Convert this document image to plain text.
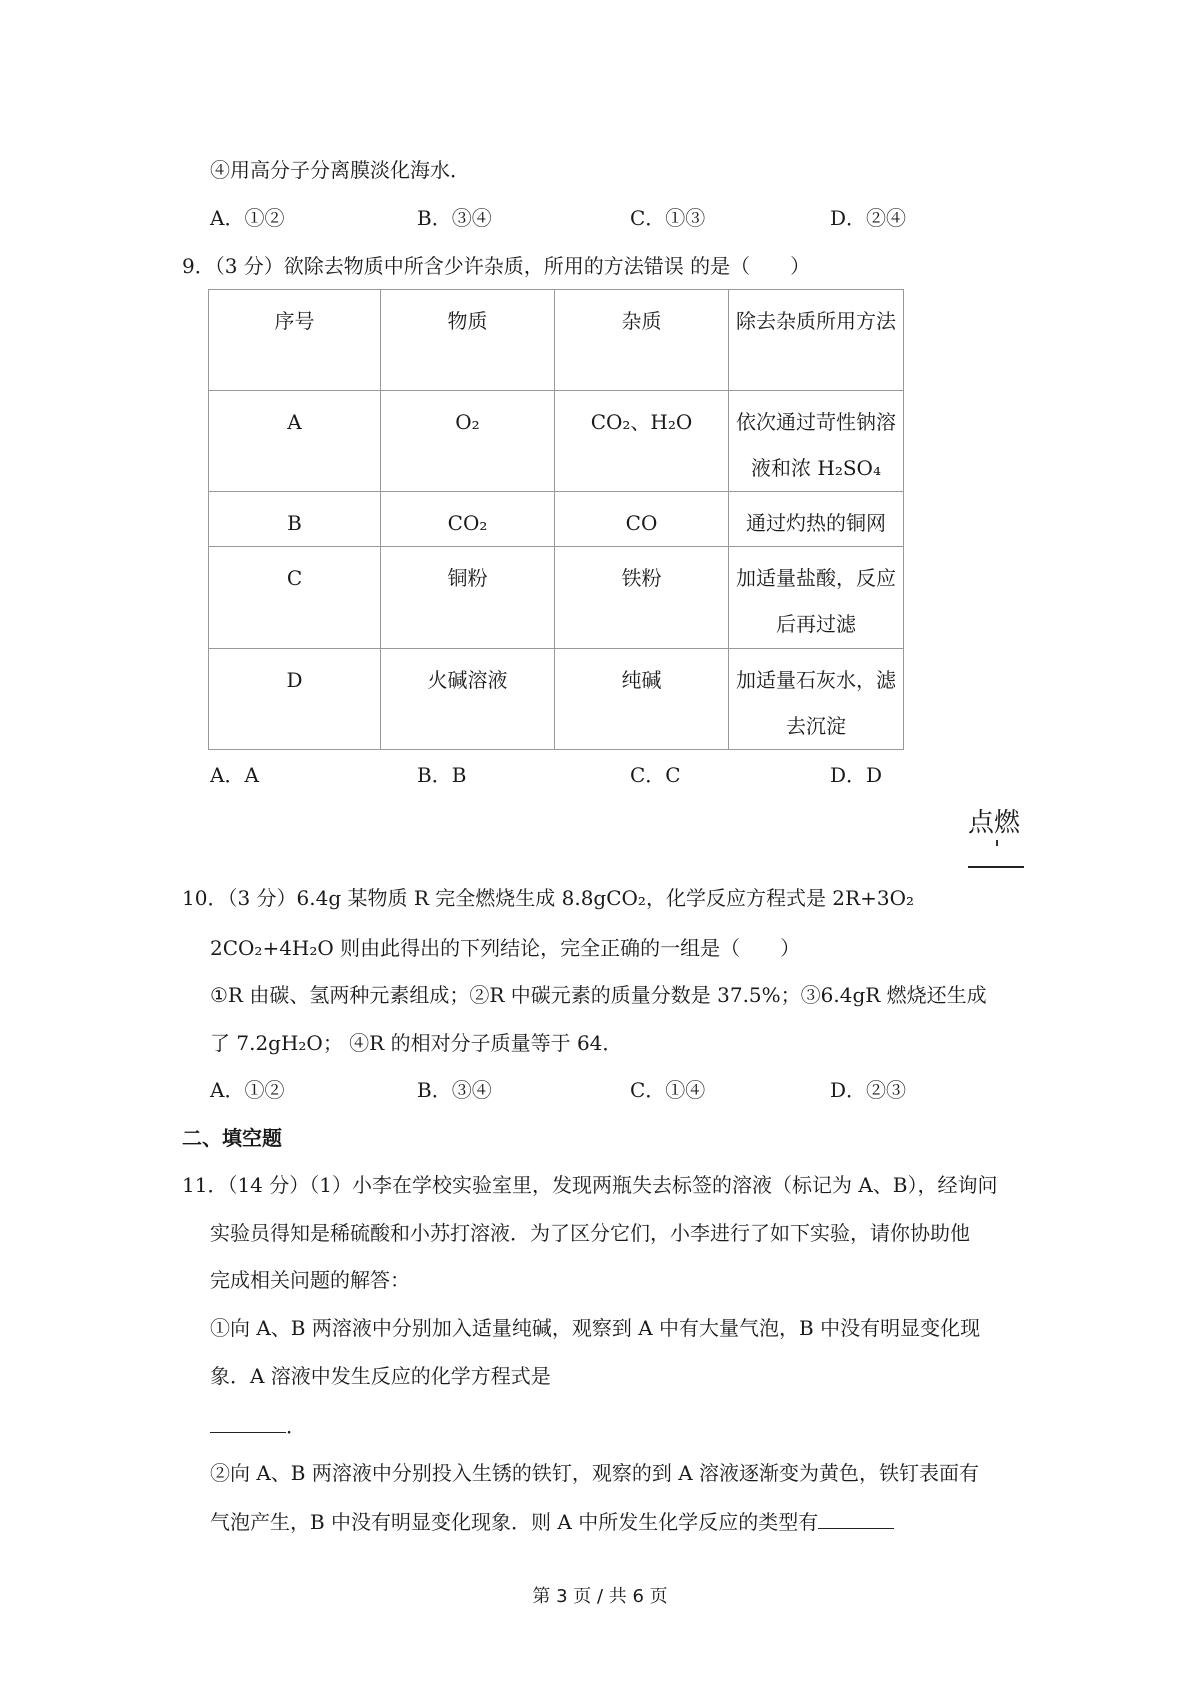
④用高分子分离膜淡化海水．
A．①②	B．③④	C．①③	D．②④
9．（3 分）欲除去物质中所含少许杂质，所用的方法错误 的是（　　）
序号	物质	杂质	除去杂质所用方法
A	O₂	CO₂、H₂O	依次通过苛性钠溶液和浓 H₂SO₄
B	CO₂	CO	通过灼热的铜网
C	铜粉	铁粉	加适量盐酸，反应后再过滤
D	火碱溶液	纯碱	加适量石灰水，滤去沉淀
A．A	B．B	C．C	D．D
点燃
10．（3 分）6.4g 某物质 R 完全燃烧生成 8.8gCO₂，化学反应方程式是 2R+3O₂
2CO₂+4H₂O 则由此得出的下列结论，完全正确的一组是（　　）
①R 由碳、氢两种元素组成；②R 中碳元素的质量分数是 37.5%；③6.4gR 燃烧还生成
了 7.2gH₂O； ④R 的相对分子质量等于 64．
A．①②	B．③④	C．①④	D．②③
二、填空题
11．（14 分）（1）小李在学校实验室里，发现两瓶失去标签的溶液（标记为 A、B），经询问
实验员得知是稀硫酸和小苏打溶液．为了区分它们，小李进行了如下实验，请你协助他
完成相关问题的解答：
①向 A、B 两溶液中分别加入适量纯碱，观察到 A 中有大量气泡，B 中没有明显变化现
象．A 溶液中发生反应的化学方程式是
．
②向 A、B 两溶液中分别投入生锈的铁钉，观察的到 A 溶液逐渐变为黄色，铁钉表面有
气泡产生，B 中没有明显变化现象．则 A 中所发生化学反应的类型有
第 3 页 / 共 6 页
